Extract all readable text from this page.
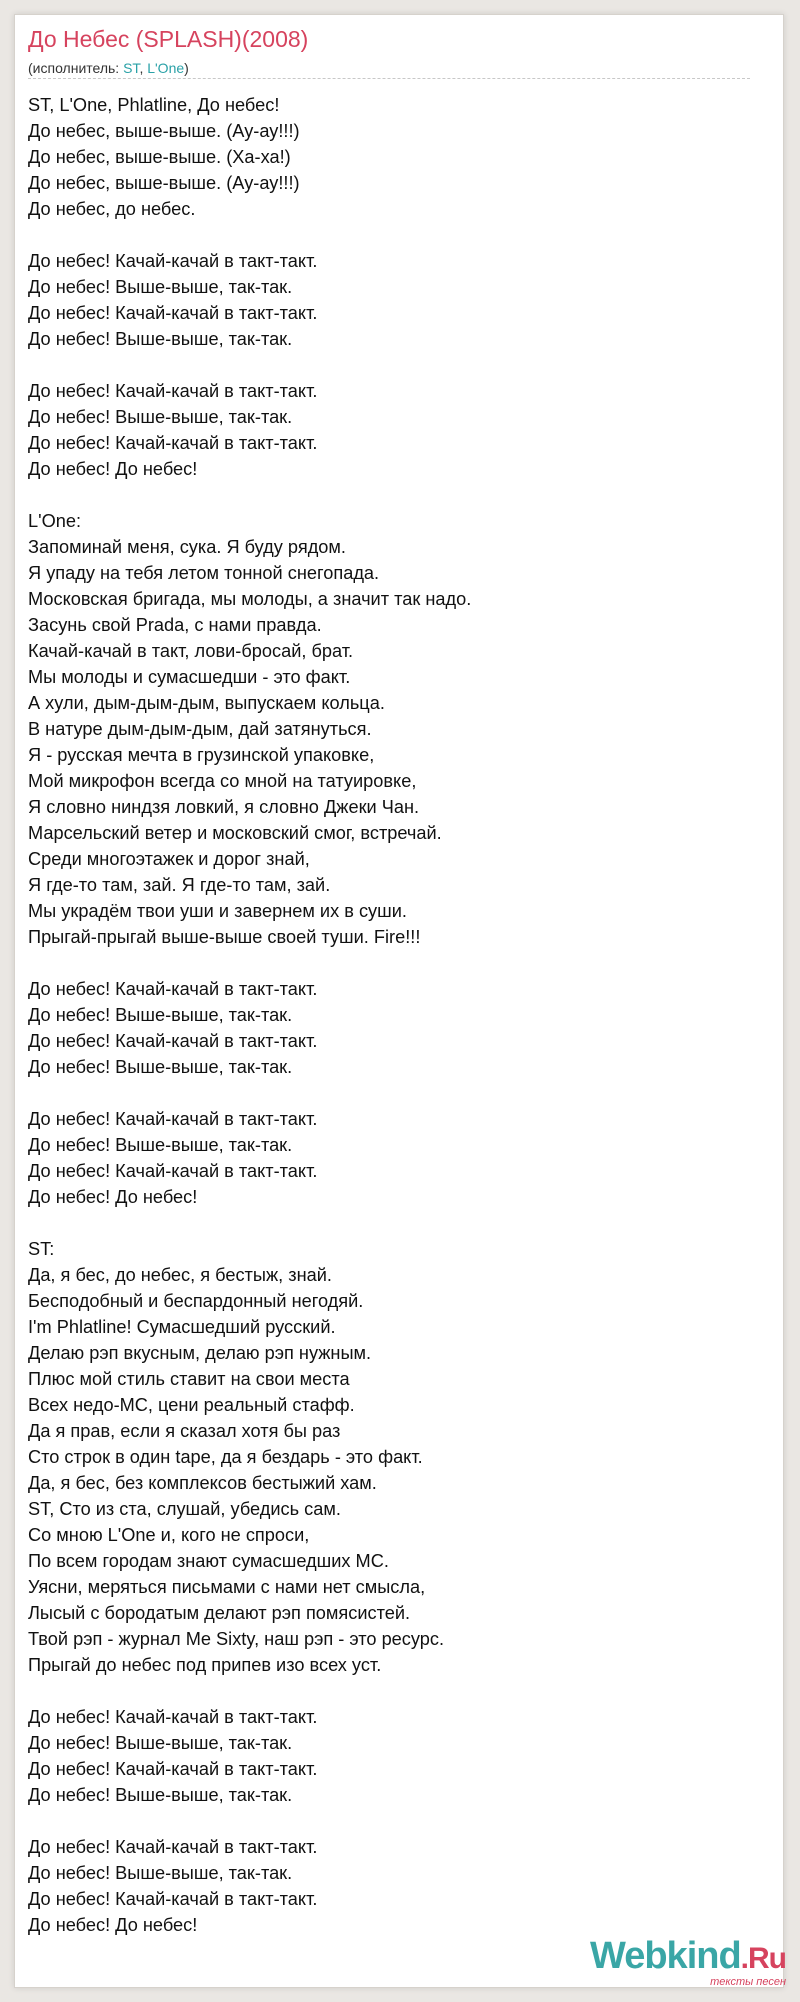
До Небес (SPLASH)(2008)
(исполнитель: ST, L'One)
ST, L'One, Phlatline, До небес!
До небес, выше-выше. (Ау-ау!!!)
До небес, выше-выше. (Ха-ха!)
До небес, выше-выше. (Ау-ау!!!)
До небес, до небес.
До небес! Качай-качай в такт-такт.
До небес! Выше-выше, так-так.
До небес! Качай-качай в такт-такт.
До небес! Выше-выше, так-так.
До небес! Качай-качай в такт-такт.
До небес! Выше-выше, так-так.
До небес! Качай-качай в такт-такт.
До небес! До небес!
L'One:
Запоминай меня, сука. Я буду рядом.
Я упаду на тебя летом тонной снегопада.
Московская бригада, мы молоды, а значит так надо.
Засунь свой Prada, с нами правда.
Качай-качай в такт, лови-бросай, брат.
Мы молоды и сумасшедши - это факт.
А хули, дым-дым-дым, выпускаем кольца.
В натуре дым-дым-дым, дай затянуться.
Я - русская мечта в грузинской упаковке,
Мой микрофон всегда со мной на татуировке,
Я словно ниндзя ловкий, я словно Джеки Чан.
Марсельский ветер и московский смог, встречай.
Среди многоэтажек и дорог знай,
Я где-то там, зай. Я где-то там, зай.
Мы украдём твои уши и завернем их в суши.
Прыгай-прыгай выше-выше своей туши. Fire!!!
До небес! Качай-качай в такт-такт.
До небес! Выше-выше, так-так.
До небес! Качай-качай в такт-такт.
До небес! Выше-выше, так-так.
До небес! Качай-качай в такт-такт.
До небес! Выше-выше, так-так.
До небес! Качай-качай в такт-такт.
До небес! До небес!
ST:
Да, я бес, до небес, я бестыж, знай.
Бесподобный и беспардонный негодяй.
I'm Phlatline! Сумасшедший русский.
Делаю рэп вкусным, делаю рэп нужным.
Плюс мой стиль ставит на свои места
Всех недо-МС, цени реальный стафф.
Да я прав, если я сказал хотя бы раз
Сто строк в один tape, да я бездарь - это факт.
Да, я бес, без комплексов бестыжий хам.
ST, Сто из ста, слушай, убедись сам.
Со мною L'One и, кого не спроси,
По всем городам знают сумасшедших МС.
Уясни, меряться письмами с нами нет смысла,
Лысый с бородатым делают рэп помясистей.
Твой рэп - журнал Me Sixty, наш рэп - это ресурс.
Прыгай до небес под припев изо всех уст.
До небес! Качай-качай в такт-такт.
До небес! Выше-выше, так-так.
До небес! Качай-качай в такт-такт.
До небес! Выше-выше, так-так.
До небес! Качай-качай в такт-такт.
До небес! Выше-выше, так-так.
До небес! Качай-качай в такт-такт.
До небес! До небес!
Webkind.Ru
тексты песен
